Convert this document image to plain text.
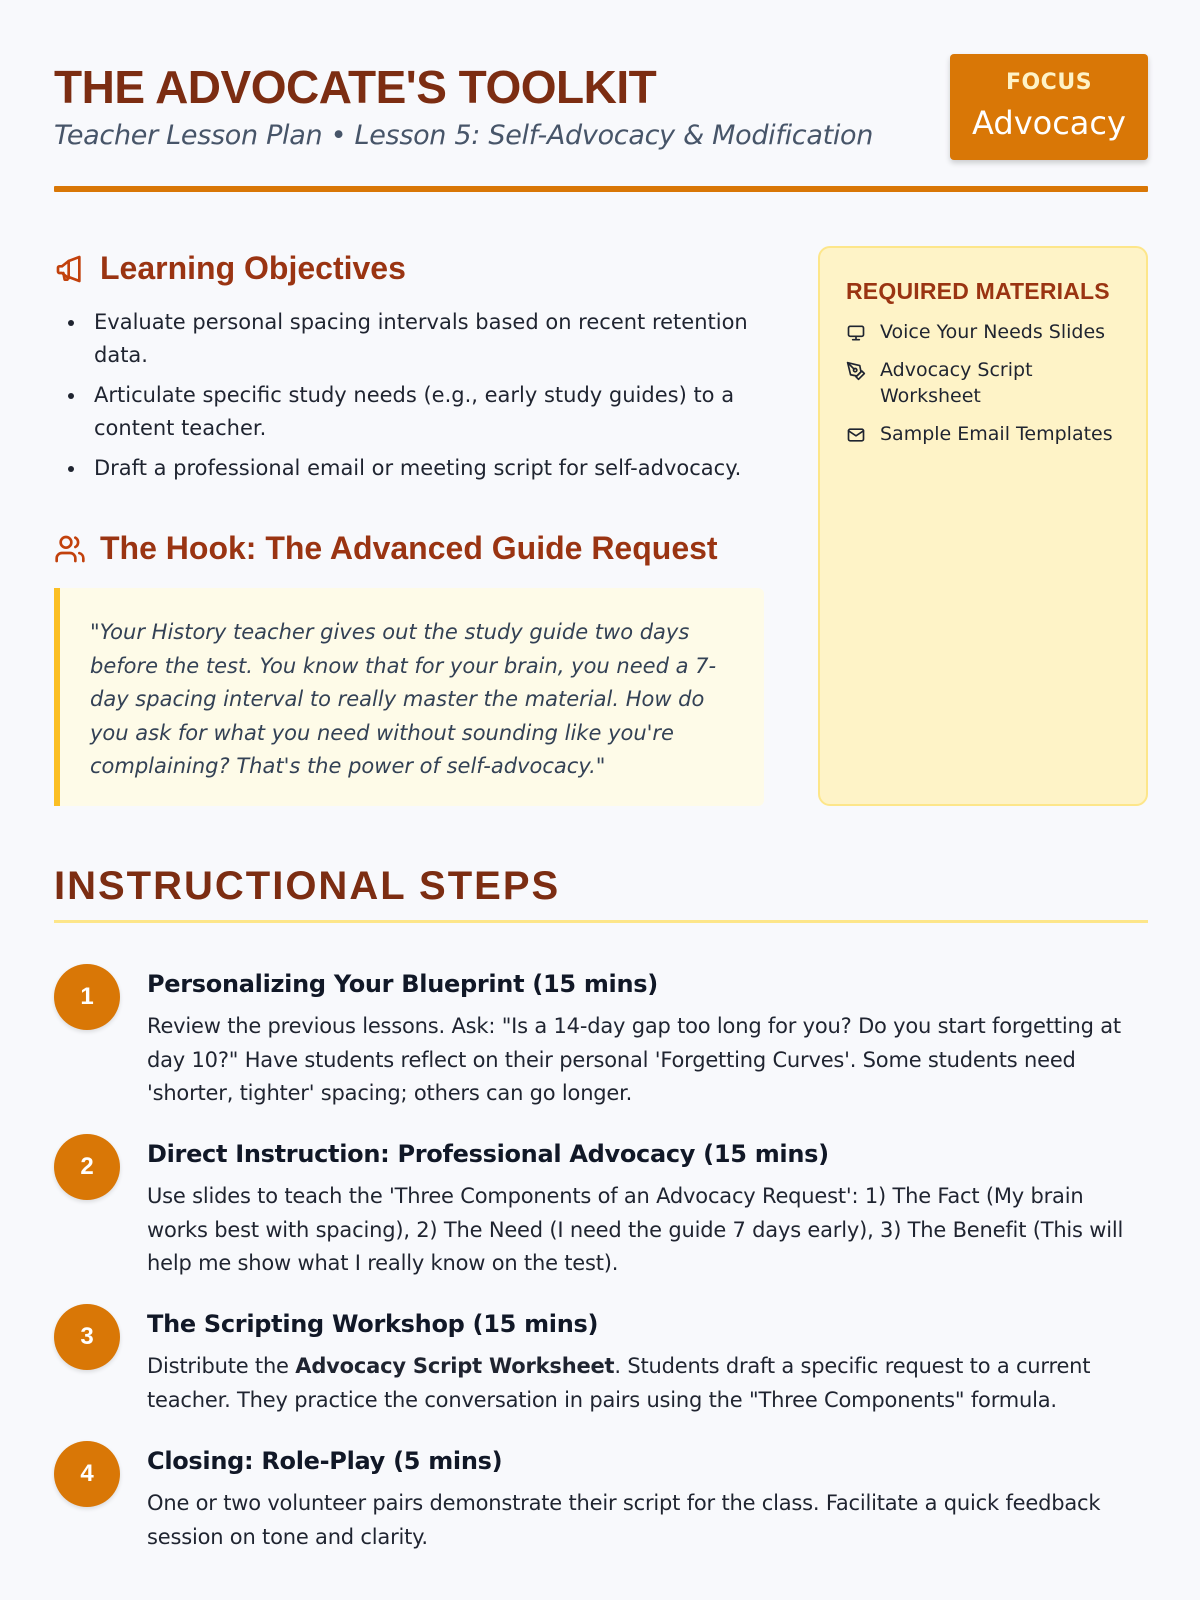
THE ADVOCATE'S TOOLKIT
Teacher Lesson Plan • Lesson 5: Self-Advocacy & Modification
FOCUS
Advocacy
Learning Objectives
Evaluate personal spacing intervals based on recent retention data.
Articulate specific study needs (e.g., early study guides) to a content teacher.
Draft a professional email or meeting script for self-advocacy.
The Hook: The Advanced Guide Request

"Your History teacher gives out the study guide two days before the test. You know that for your brain, you need a 7-day spacing interval to really master the material. How do you ask for what you need without sounding like you're complaining? That's the power of self-advocacy."

REQUIRED MATERIALS
Voice Your Needs Slides
Advocacy Script Worksheet
Sample Email Templates
INSTRUCTIONAL STEPS
1	Personalizing Your Blueprint (15 mins)
Review the previous lessons. Ask: "Is a 14-day gap too long for you? Do you start forgetting at day 10?" Have students reflect on their personal 'Forgetting Curves'. Some students need 'shorter, tighter' spacing; others can go longer.
2	Direct Instruction: Professional Advocacy (15 mins)
Use slides to teach the 'Three Components of an Advocacy Request': 1) The Fact (My brain works best with spacing), 2) The Need (I need the guide 7 days early), 3) The Benefit (This will help me show what I really know on the test).
3	The Scripting Workshop (15 mins)
Distribute the Advocacy Script Worksheet. Students draft a specific request to a current teacher. They practice the conversation in pairs using the "Three Components" formula.
4	Closing: Role-Play (5 mins)
One or two volunteer pairs demonstrate their script for the class. Facilitate a quick feedback session on tone and clarity.
